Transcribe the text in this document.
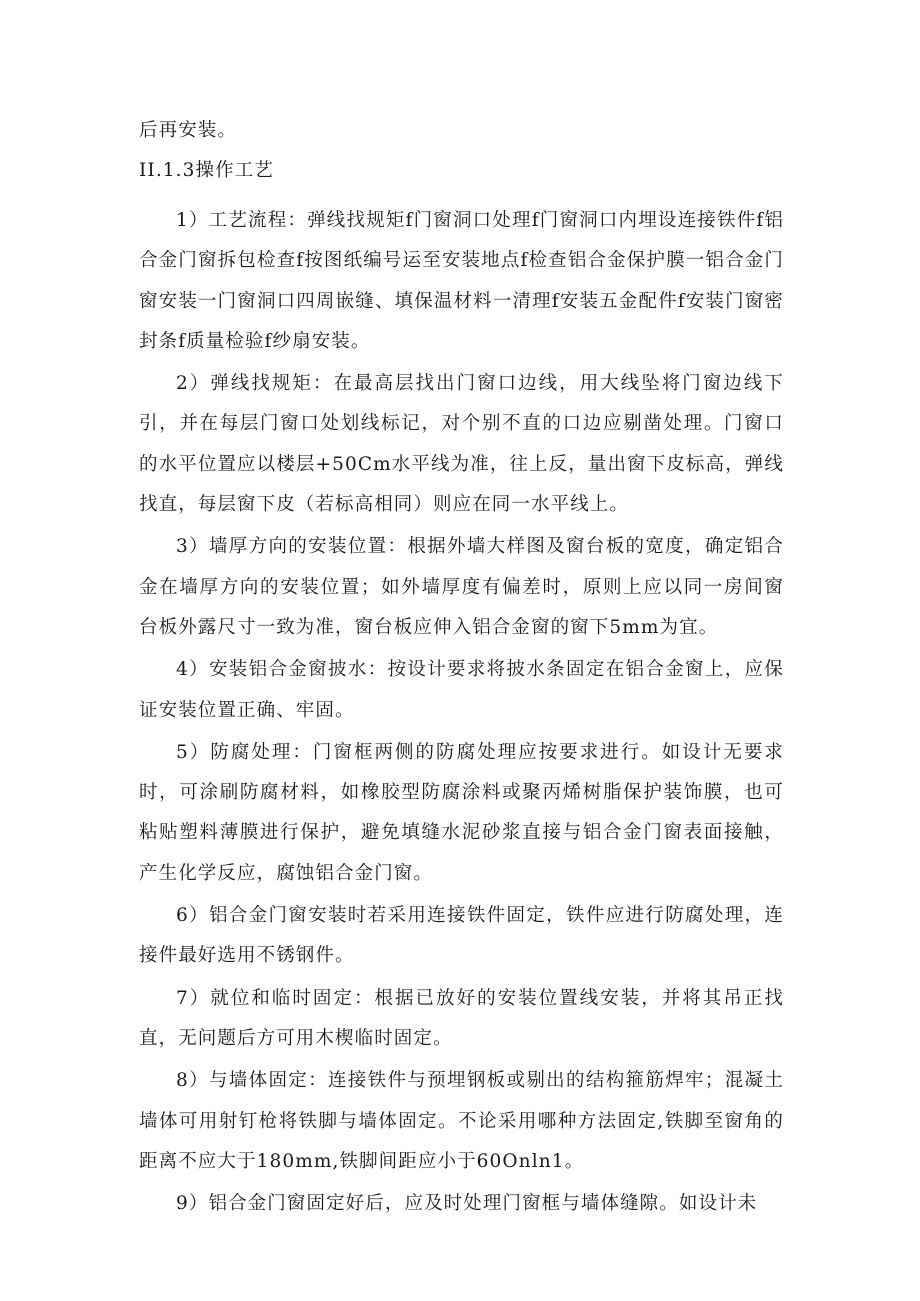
后再安装。
II.1.3操作工艺

1）工艺流程：弹线找规矩f门窗洞口处理f门窗洞口内埋设连接铁件f铝合金门窗拆包检查f按图纸编号运至安装地点f检查铝合金保护膜一铝合金门窗安装一门窗洞口四周嵌缝、填保温材料一清理f安装五金配件f安装门窗密封条f质量检验f纱扇安装。

2）弹线找规矩：在最高层找出门窗口边线，用大线坠将门窗边线下引，并在每层门窗口处划线标记，对个别不直的口边应剔凿处理。门窗口的水平位置应以楼层+50Cm水平线为准，往上反，量出窗下皮标高，弹线找直，每层窗下皮（若标高相同）则应在同一水平线上。

3）墙厚方向的安装位置：根据外墙大样图及窗台板的宽度，确定铝合金在墙厚方向的安装位置；如外墙厚度有偏差时，原则上应以同一房间窗台板外露尺寸一致为准，窗台板应伸入铝合金窗的窗下5mm为宜。

4）安装铝合金窗披水：按设计要求将披水条固定在铝合金窗上，应保证安装位置正确、牢固。

5）防腐处理：门窗框两侧的防腐处理应按要求进行。如设计无要求时，可涂刷防腐材料，如橡胶型防腐涂料或聚丙烯树脂保护装饰膜，也可粘贴塑料薄膜进行保护，避免填缝水泥砂浆直接与铝合金门窗表面接触，产生化学反应，腐蚀铝合金门窗。

6）铝合金门窗安装时若采用连接铁件固定，铁件应进行防腐处理，连接件最好选用不锈钢件。

7）就位和临时固定：根据已放好的安装位置线安装，并将其吊正找直，无问题后方可用木楔临时固定。

8）与墙体固定：连接铁件与预埋钢板或剔出的结构箍筋焊牢；混凝土墙体可用射钉枪将铁脚与墙体固定。不论采用哪种方法固定,铁脚至窗角的距离不应大于180mm,铁脚间距应小于60Onln1。

9）铝合金门窗固定好后，应及时处理门窗框与墙体缝隙。如设计未
